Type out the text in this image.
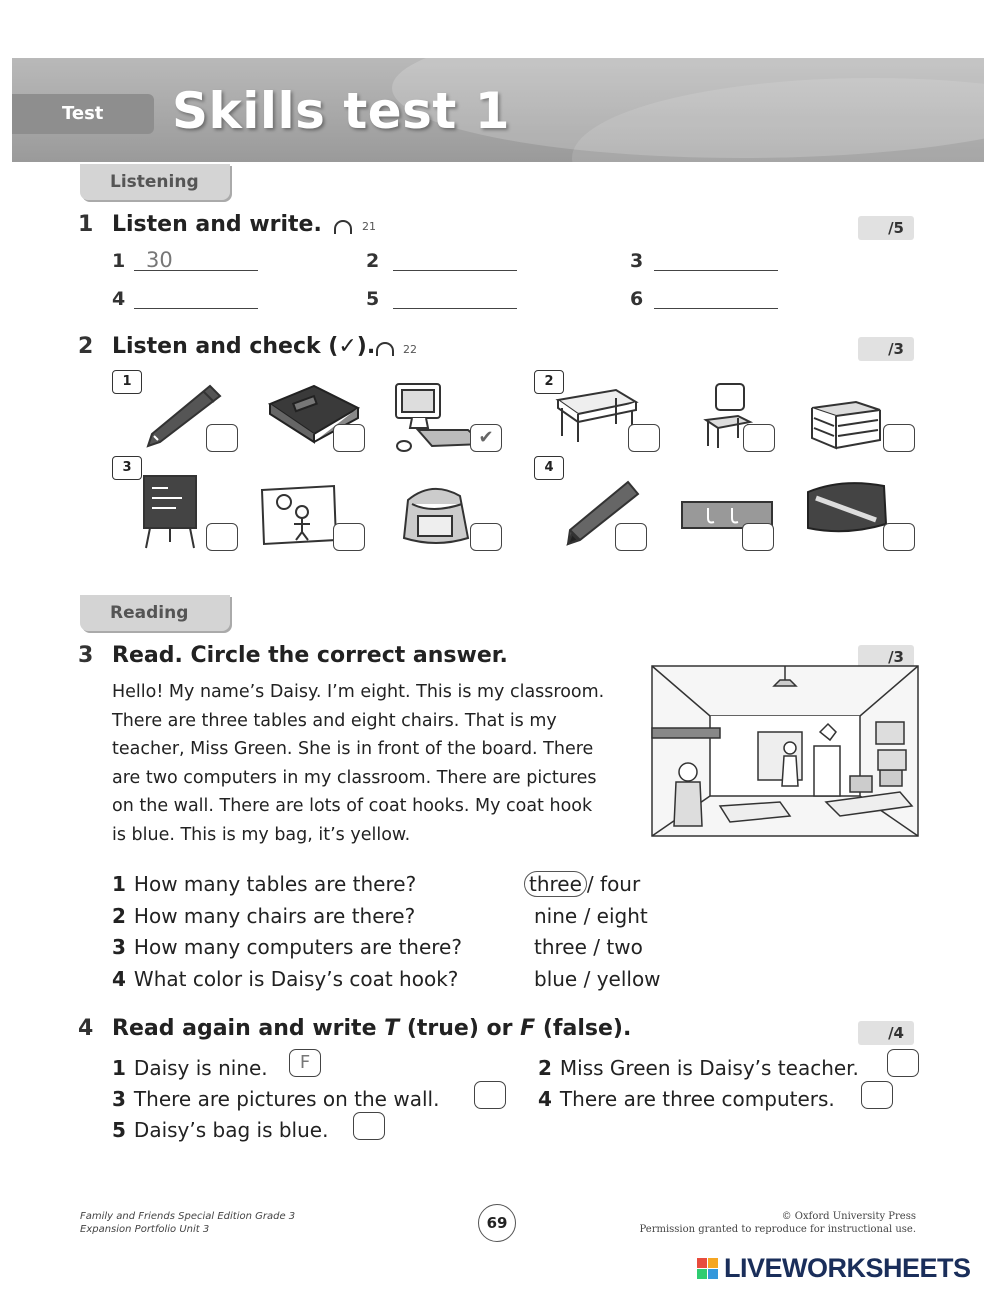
Test	Skills test 1
Listening
1 Listen and write.	21	/5
1 30	2	3
4	5	6
2 Listen and check (✓).	22	/3
1	2
3	4
✔
Reading
3 Read. Circle the correct answer.	/3
Hello! My name’s Daisy. I’m eight. This is my classroom.
There are three tables and eight chairs. That is my
teacher, Miss Green. She is in front of the board. There
are two computers in my classroom. There are pictures
on the wall. There are lots of coat hooks. My coat hook
is blue. This is my bag, it’s yellow.
1 How many tables are there?	three / four
2 How many chairs are there?	nine / eight
3 How many computers are there?	three / two
4 What color is Daisy’s coat hook?	blue / yellow
4 Read again and write T (true) or F (false).	/4
1 Daisy is nine.	F	2 Miss Green is Daisy’s teacher.
3 There are pictures on the wall.	4 There are three computers.
5 Daisy’s bag is blue.
Family and Friends Special Edition Grade 3
Expansion Portfolio Unit 3	69	© Oxford University Press
Permission granted to reproduce for instructional use.
LIVEWORKSHEETS
